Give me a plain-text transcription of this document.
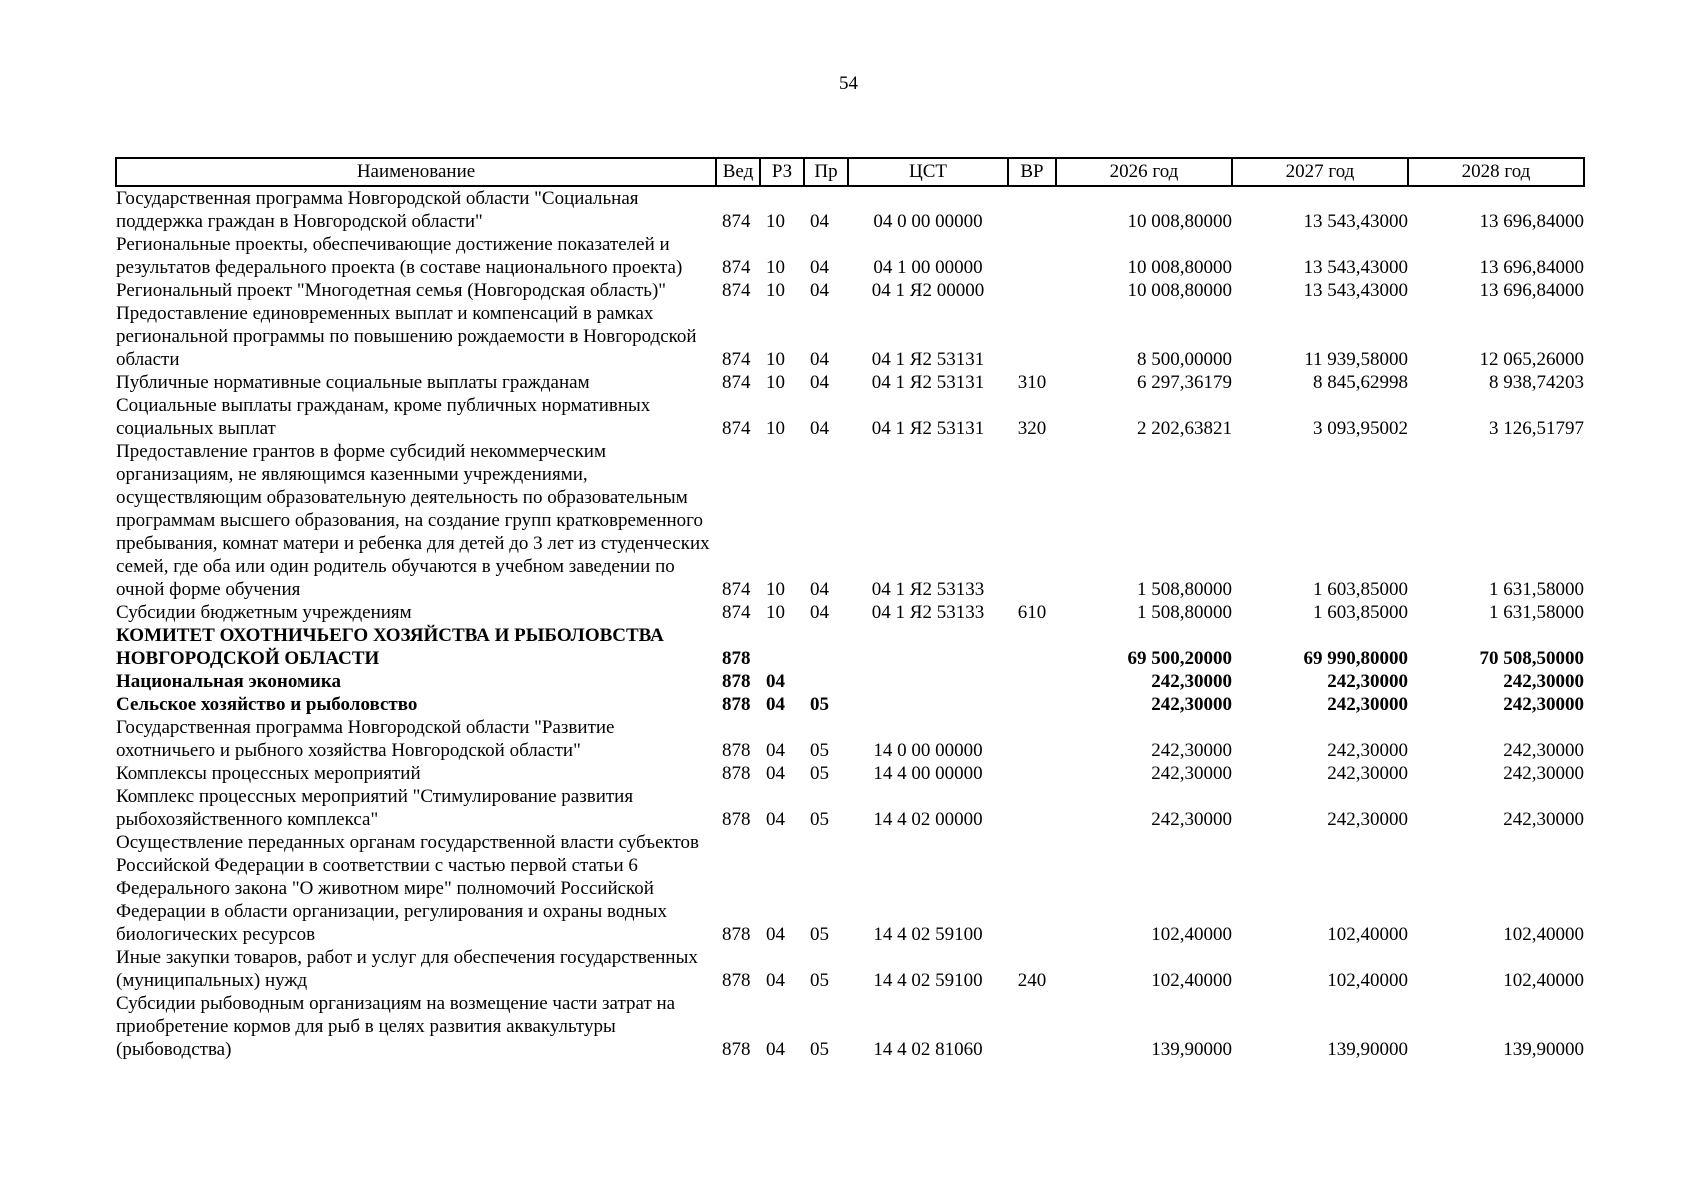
54
Наименование	Вед	РЗ	Пр	ЦСТ	ВР	2026 год	2027 год	2028 год
Государственная программа Новгородской области "Социальная поддержка граждан в Новгородской области"	874	10	04	04 0 00 00000		10 008,80000	13 543,43000	13 696,84000
Региональные проекты, обеспечивающие достижение показателей и результатов федерального проекта (в составе национального проекта)	874	10	04	04 1 00 00000		10 008,80000	13 543,43000	13 696,84000
Региональный проект "Многодетная семья (Новгородская область)"	874	10	04	04 1 Я2 00000		10 008,80000	13 543,43000	13 696,84000
Предоставление единовременных выплат и компенсаций в рамках региональной программы по повышению рождаемости в Новгородской области	874	10	04	04 1 Я2 53131		8 500,00000	11 939,58000	12 065,26000
Публичные нормативные социальные выплаты гражданам	874	10	04	04 1 Я2 53131	310	6 297,36179	8 845,62998	8 938,74203
Социальные выплаты гражданам, кроме публичных нормативных социальных выплат	874	10	04	04 1 Я2 53131	320	2 202,63821	3 093,95002	3 126,51797
Предоставление грантов в форме субсидий некоммерческим организациям, не являющимся казенными учреждениями, осуществляющим образовательную деятельность по образовательным программам высшего образования, на создание групп кратковременного пребывания, комнат матери и ребенка для детей до 3 лет из студенческих семей, где оба или один родитель обучаются в учебном заведении по очной форме обучения	874	10	04	04 1 Я2 53133		1 508,80000	1 603,85000	1 631,58000
Субсидии бюджетным учреждениям	874	10	04	04 1 Я2 53133	610	1 508,80000	1 603,85000	1 631,58000
КОМИТЕТ ОХОТНИЧЬЕГО ХОЗЯЙСТВА И РЫБОЛОВСТВА НОВГОРОДСКОЙ ОБЛАСТИ	878					69 500,20000	69 990,80000	70 508,50000
Национальная экономика	878	04				242,30000	242,30000	242,30000
Сельское хозяйство и рыболовство	878	04	05			242,30000	242,30000	242,30000
Государственная программа Новгородской области "Развитие охотничьего и рыбного хозяйства Новгородской области"	878	04	05	14 0 00 00000		242,30000	242,30000	242,30000
Комплексы процессных мероприятий	878	04	05	14 4 00 00000		242,30000	242,30000	242,30000
Комплекс процессных мероприятий "Стимулирование развития рыбохозяйственного комплекса"	878	04	05	14 4 02 00000		242,30000	242,30000	242,30000
Осуществление переданных органам государственной власти субъектов Российской Федерации в соответствии с частью первой статьи 6 Федерального закона "О животном мире" полномочий Российской Федерации в области организации, регулирования и охраны водных биологических ресурсов	878	04	05	14 4 02 59100		102,40000	102,40000	102,40000
Иные закупки товаров, работ и услуг для обеспечения государственных (муниципальных) нужд	878	04	05	14 4 02 59100	240	102,40000	102,40000	102,40000
Субсидии рыбоводным организациям на возмещение части затрат на приобретение кормов для рыб в целях развития аквакультуры (рыбоводства)	878	04	05	14 4 02 81060		139,90000	139,90000	139,90000
